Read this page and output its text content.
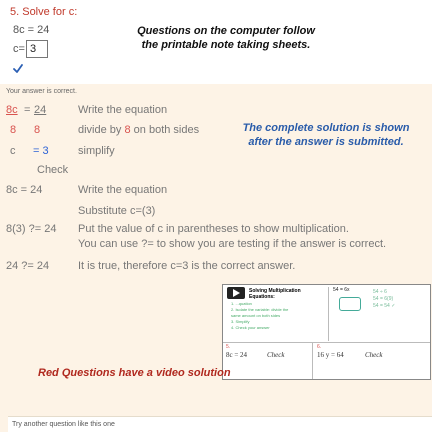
5. Solve for c:
8c = 24
c= 3
Questions on the computer follow
the printable note taking sheets.
Your answer is correct.
8c = 24	Write the equation
8 8	divide by 8 on both sides
c = 3	simplify
The complete solution is shown
after the answer is submitted.
Check
8c = 24	Write the equation
Substitute c=(3)
8(3) ?= 24 Put the value of c in parentheses to show multiplication.
You can use ?= to show you are testing if the answer is correct.
24 ?= 24	It is true, therefore c=3 is the correct answer.
Solving Multiplication Equations:
1. ...quation
2. Isolate the variable: divide the
same amount on both sides
3. Simplify
4. Check your answer
54 = 6x	54 ÷ 6
54 = 6(9)
54 = 54 ✓
5.
8c = 24	Check
6.
16 y = 64	Check
Red Questions have a video solution
Try another question like this one
